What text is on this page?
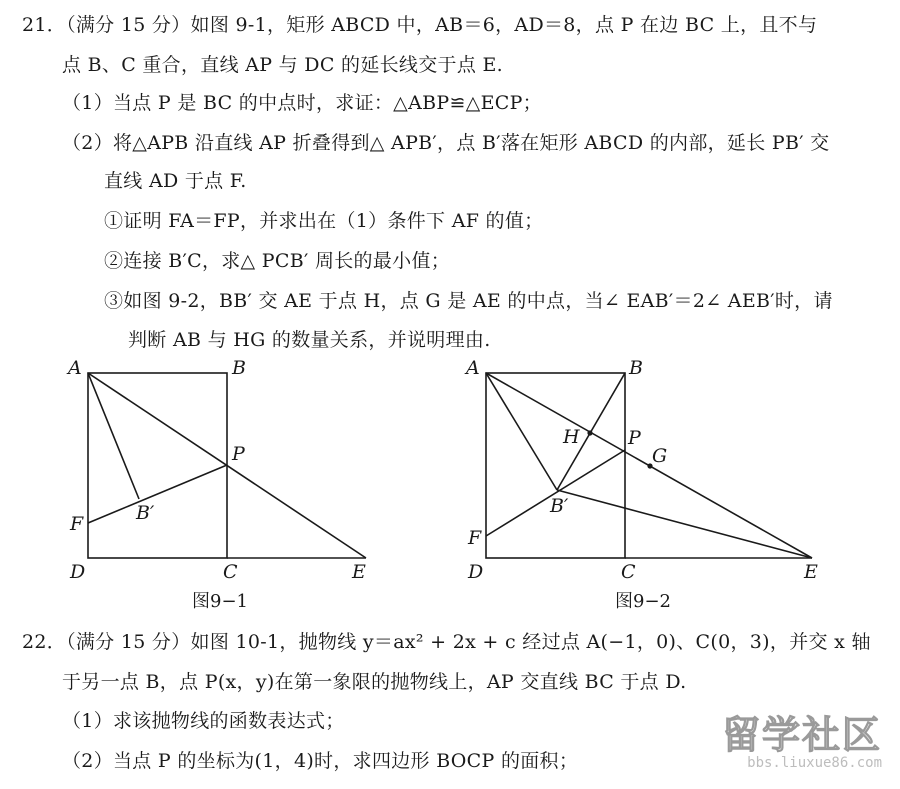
21．（满分 15 分）如图 9-1，矩形 ABCD 中，AB＝6，AD＝8，点 P 在边 BC 上，且不与
点 B、C 重合，直线 AP 与 DC 的延长线交于点 E.
（1）当点 P 是 BC 的中点时，求证：△ABP≌△ECP；
（2）将△APB 沿直线 AP 折叠得到△ APB′，点 B′落在矩形 ABCD 的内部，延长 PB′ 交
直线 AD 于点 F.
①证明 FA＝FP，并求出在（1）条件下 AF 的值；
②连接 B′C，求△ PCB′ 周长的最小值；
③如图 9-2，BB′ 交 AE 于点 H，点 G 是 AE 的中点，当∠ EAB′＝2∠ AEB′时，请
判断 AB 与 HG 的数量关系，并说明理由.
A	B
P
B′
F
D	C	E
图9−1
A	B
H	P
G
B′
F
D	C	E
图9−2
22．（满分 15 分）如图 10-1，抛物线 y＝ax² + 2x + c 经过点 A(−1，0)、C(0，3)，并交 x 轴
于另一点 B，点 P(x，y)在第一象限的抛物线上，AP 交直线 BC 于点 D.
（1）求该抛物线的函数表达式；
（2）当点 P 的坐标为(1，4)时，求四边形 BOCP 的面积；
留学社区
bbs.liuxue86.com
